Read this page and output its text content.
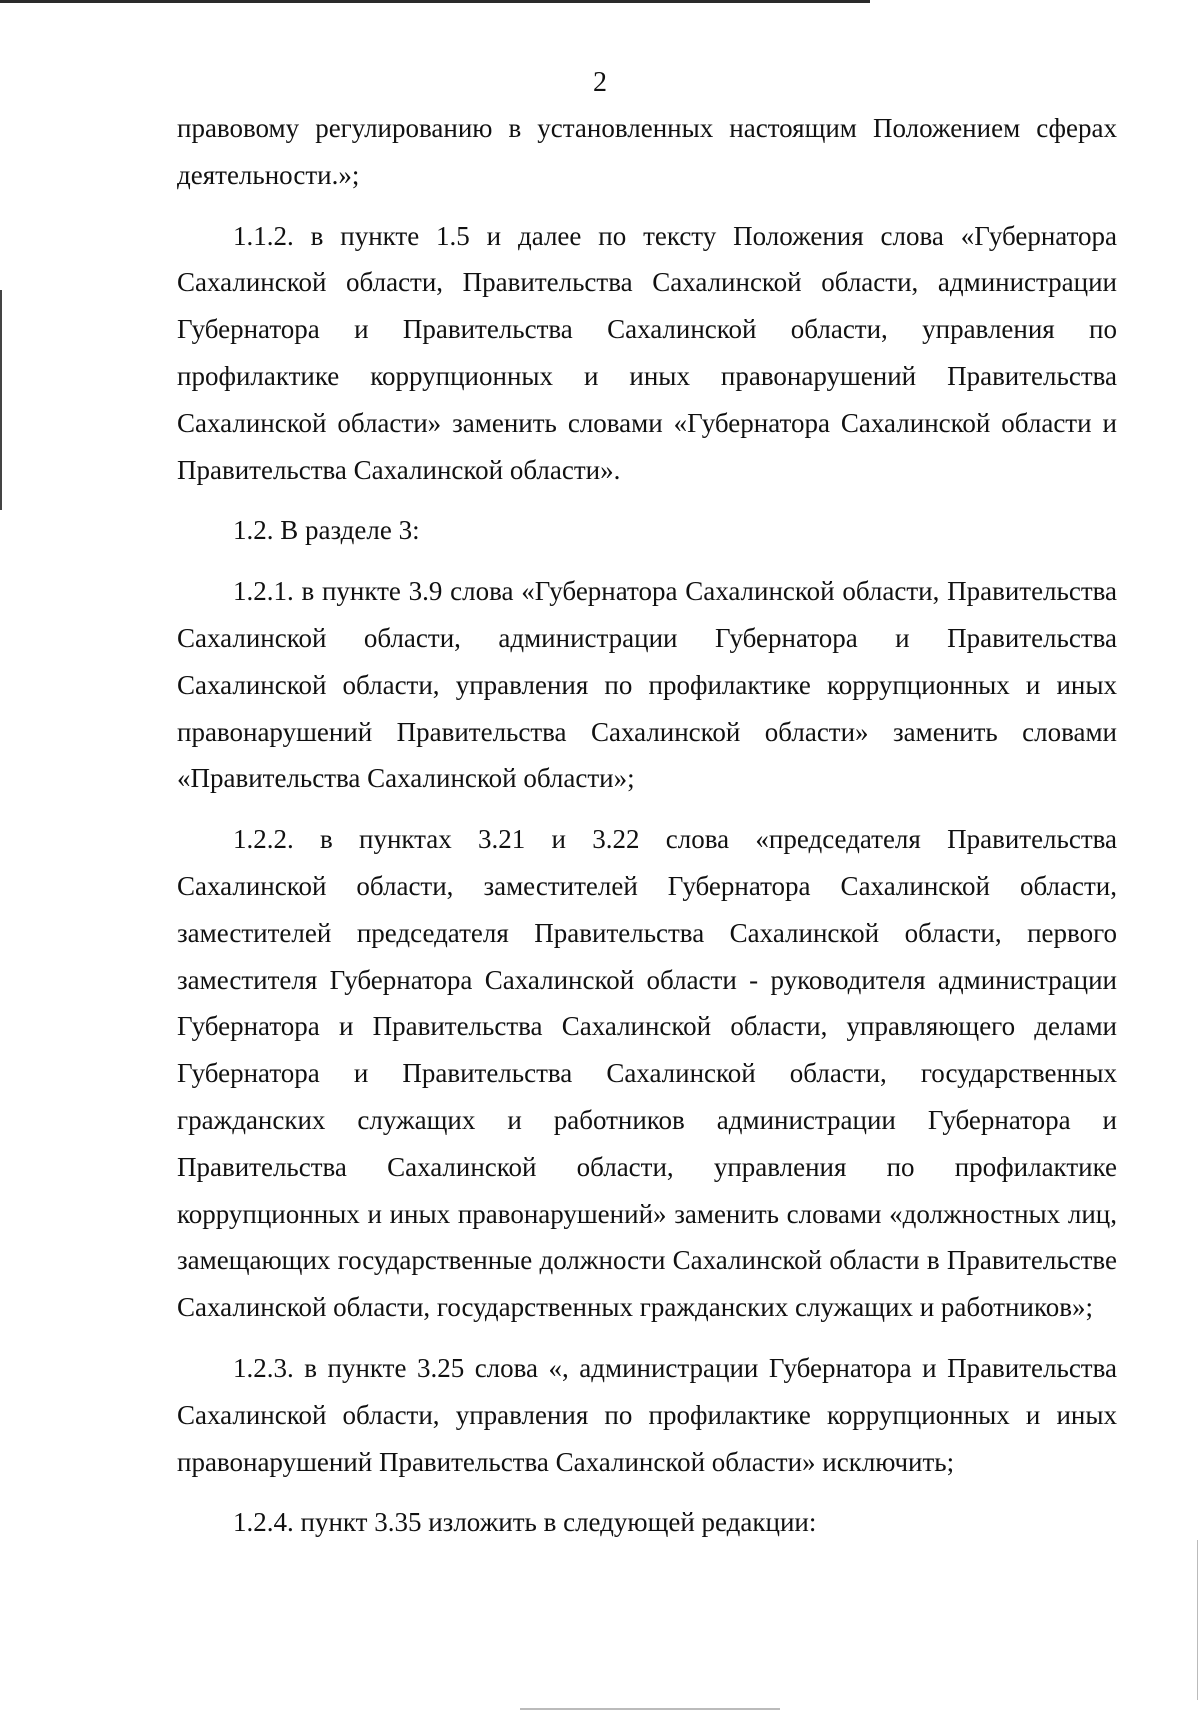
2

правовому регулированию в установленных настоящим Положением сферах деятельности.»;

1.1.2. в пункте 1.5 и далее по тексту Положения слова «Губернатора Сахалинской области, Правительства Сахалинской области, администрации Губернатора и Правительства Сахалинской области, управления по профилактике коррупционных и иных правонарушений Правительства Сахалинской области» заменить словами «Губернатора Сахалинской области и Правительства Сахалинской области».

1.2. В разделе 3:

1.2.1. в пункте 3.9 слова «Губернатора Сахалинской области, Правительства Сахалинской области, администрации Губернатора и Правительства Сахалинской области, управления по профилактике коррупционных и иных правонарушений Правительства Сахалинской области» заменить словами «Правительства Сахалинской области»;

1.2.2. в пунктах 3.21 и 3.22 слова «председателя Правительства Сахалинской области, заместителей Губернатора Сахалинской области, заместителей председателя Правительства Сахалинской области, первого заместителя Губернатора Сахалинской области - руководителя администрации Губернатора и Правительства Сахалинской области, управляющего делами Губернатора и Правительства Сахалинской области, государственных гражданских служащих и работников администрации Губернатора и Правительства Сахалинской области, управления по профилактике коррупционных и иных правонарушений» заменить словами «должностных лиц, замещающих государственные должности Сахалинской области в Правительстве Сахалинской области, государственных гражданских служащих и работников»;

1.2.3. в пункте 3.25 слова «, администрации Губернатора и Правительства Сахалинской области, управления по профилактике коррупционных и иных правонарушений Правительства Сахалинской области» исключить;

1.2.4. пункт 3.35 изложить в следующей редакции:
